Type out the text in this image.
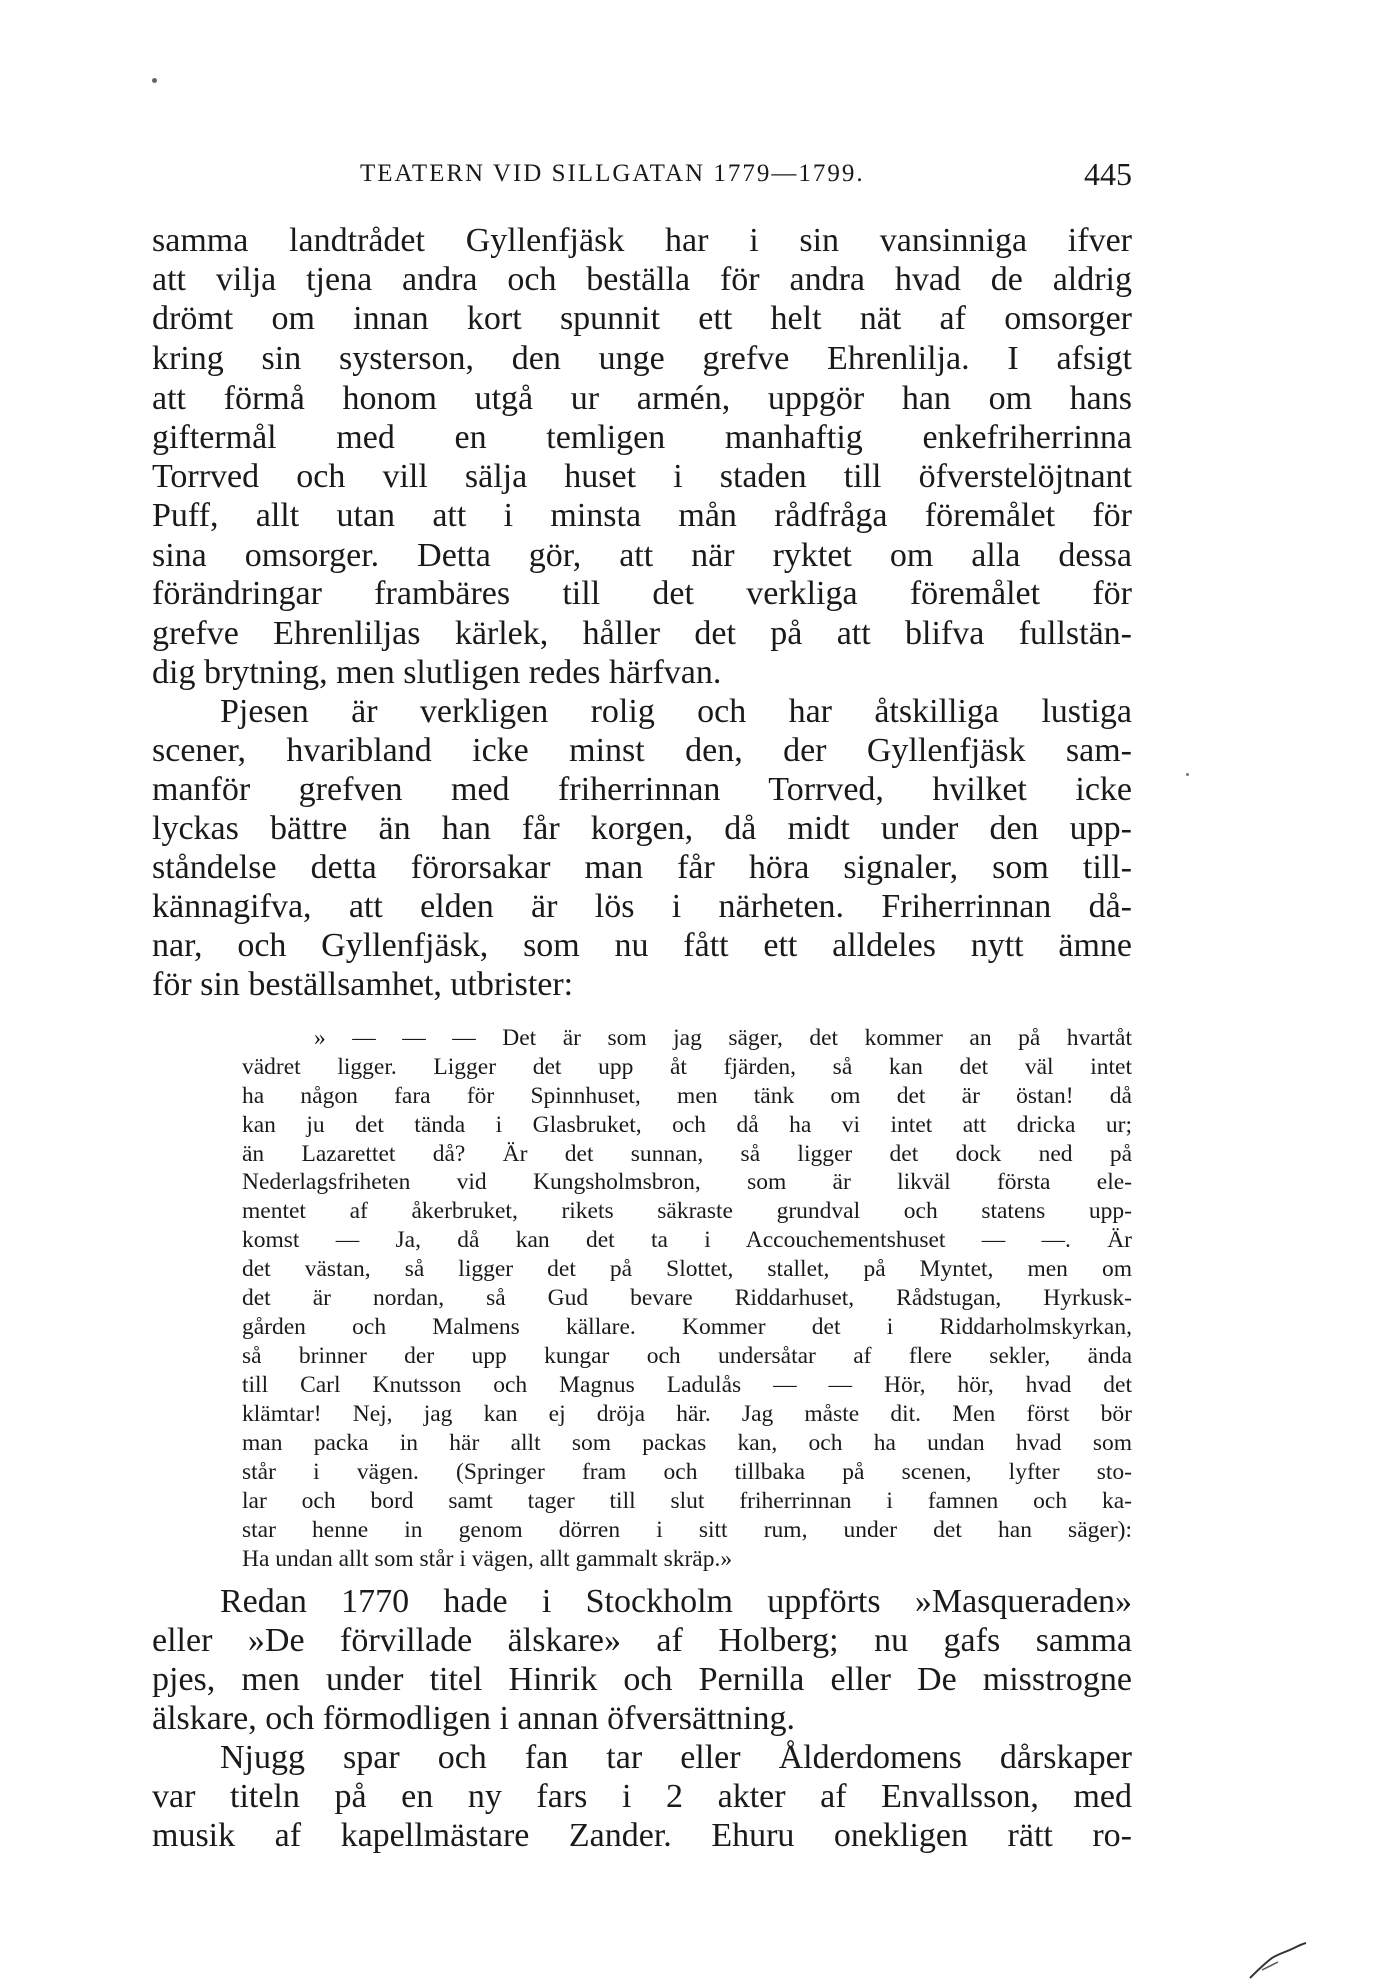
TEATERN VID SILLGATAN 1779—1799.	445
samma landtrådet Gyllenfjäsk har i sin vansinniga ifver
att vilja tjena andra och beställa för andra hvad de aldrig
drömt om innan kort spunnit ett helt nät af omsorger
kring sin systerson, den unge grefve Ehrenlilja. I afsigt
att förmå honom utgå ur armén, uppgör han om hans
giftermål med en temligen manhaftig enkefriherrinna
Torrved och vill sälja huset i staden till öfverstelöjtnant
Puff, allt utan att i minsta mån rådfråga föremålet för
sina omsorger. Detta gör, att när ryktet om alla dessa
förändringar frambäres till det verkliga föremålet för
grefve Ehrenliljas kärlek, håller det på att blifva fullstän-
dig brytning, men slutligen redes härfvan.
Pjesen är verkligen rolig och har åtskilliga lustiga
scener, hvaribland icke minst den, der Gyllenfjäsk sam-
manför grefven med friherrinnan Torrved, hvilket icke
lyckas bättre än han får korgen, då midt under den upp-
ståndelse detta förorsakar man får höra signaler, som till-
kännagifva, att elden är lös i närheten. Friherrinnan då-
nar, och Gyllenfjäsk, som nu fått ett alldeles nytt ämne
för sin beställsamhet, utbrister:
» — — — Det är som jag säger, det kommer an på hvartåt
vädret ligger. Ligger det upp åt fjärden, så kan det väl intet
ha någon fara för Spinnhuset, men tänk om det är östan! då
kan ju det tända i Glasbruket, och då ha vi intet att dricka ur;
än Lazarettet då? Är det sunnan, så ligger det dock ned på
Nederlagsfriheten vid Kungsholmsbron, som är likväl första ele-
mentet af åkerbruket, rikets säkraste grundval och statens upp-
komst — Ja, då kan det ta i Accouchementshuset — —. Är
det västan, så ligger det på Slottet, stallet, på Myntet, men om
det är nordan, så Gud bevare Riddarhuset, Rådstugan, Hyrkusk-
gården och Malmens källare. Kommer det i Riddarholmskyrkan,
så brinner der upp kungar och undersåtar af flere sekler, ända
till Carl Knutsson och Magnus Ladulås — — Hör, hör, hvad det
klämtar! Nej, jag kan ej dröja här. Jag måste dit. Men först bör
man packa in här allt som packas kan, och ha undan hvad som
står i vägen. (Springer fram och tillbaka på scenen, lyfter sto-
lar och bord samt tager till slut friherrinnan i famnen och ka-
star henne in genom dörren i sitt rum, under det han säger):
Ha undan allt som står i vägen, allt gammalt skräp.»
Redan 1770 hade i Stockholm uppförts »Masqueraden»
eller »De förvillade älskare» af Holberg; nu gafs samma
pjes, men under titel Hinrik och Pernilla eller De misstrogne
älskare, och förmodligen i annan öfversättning.
Njugg spar och fan tar eller Ålderdomens dårskaper
var titeln på en ny fars i 2 akter af Envallsson, med
musik af kapellmästare Zander. Ehuru onekligen rätt ro-
